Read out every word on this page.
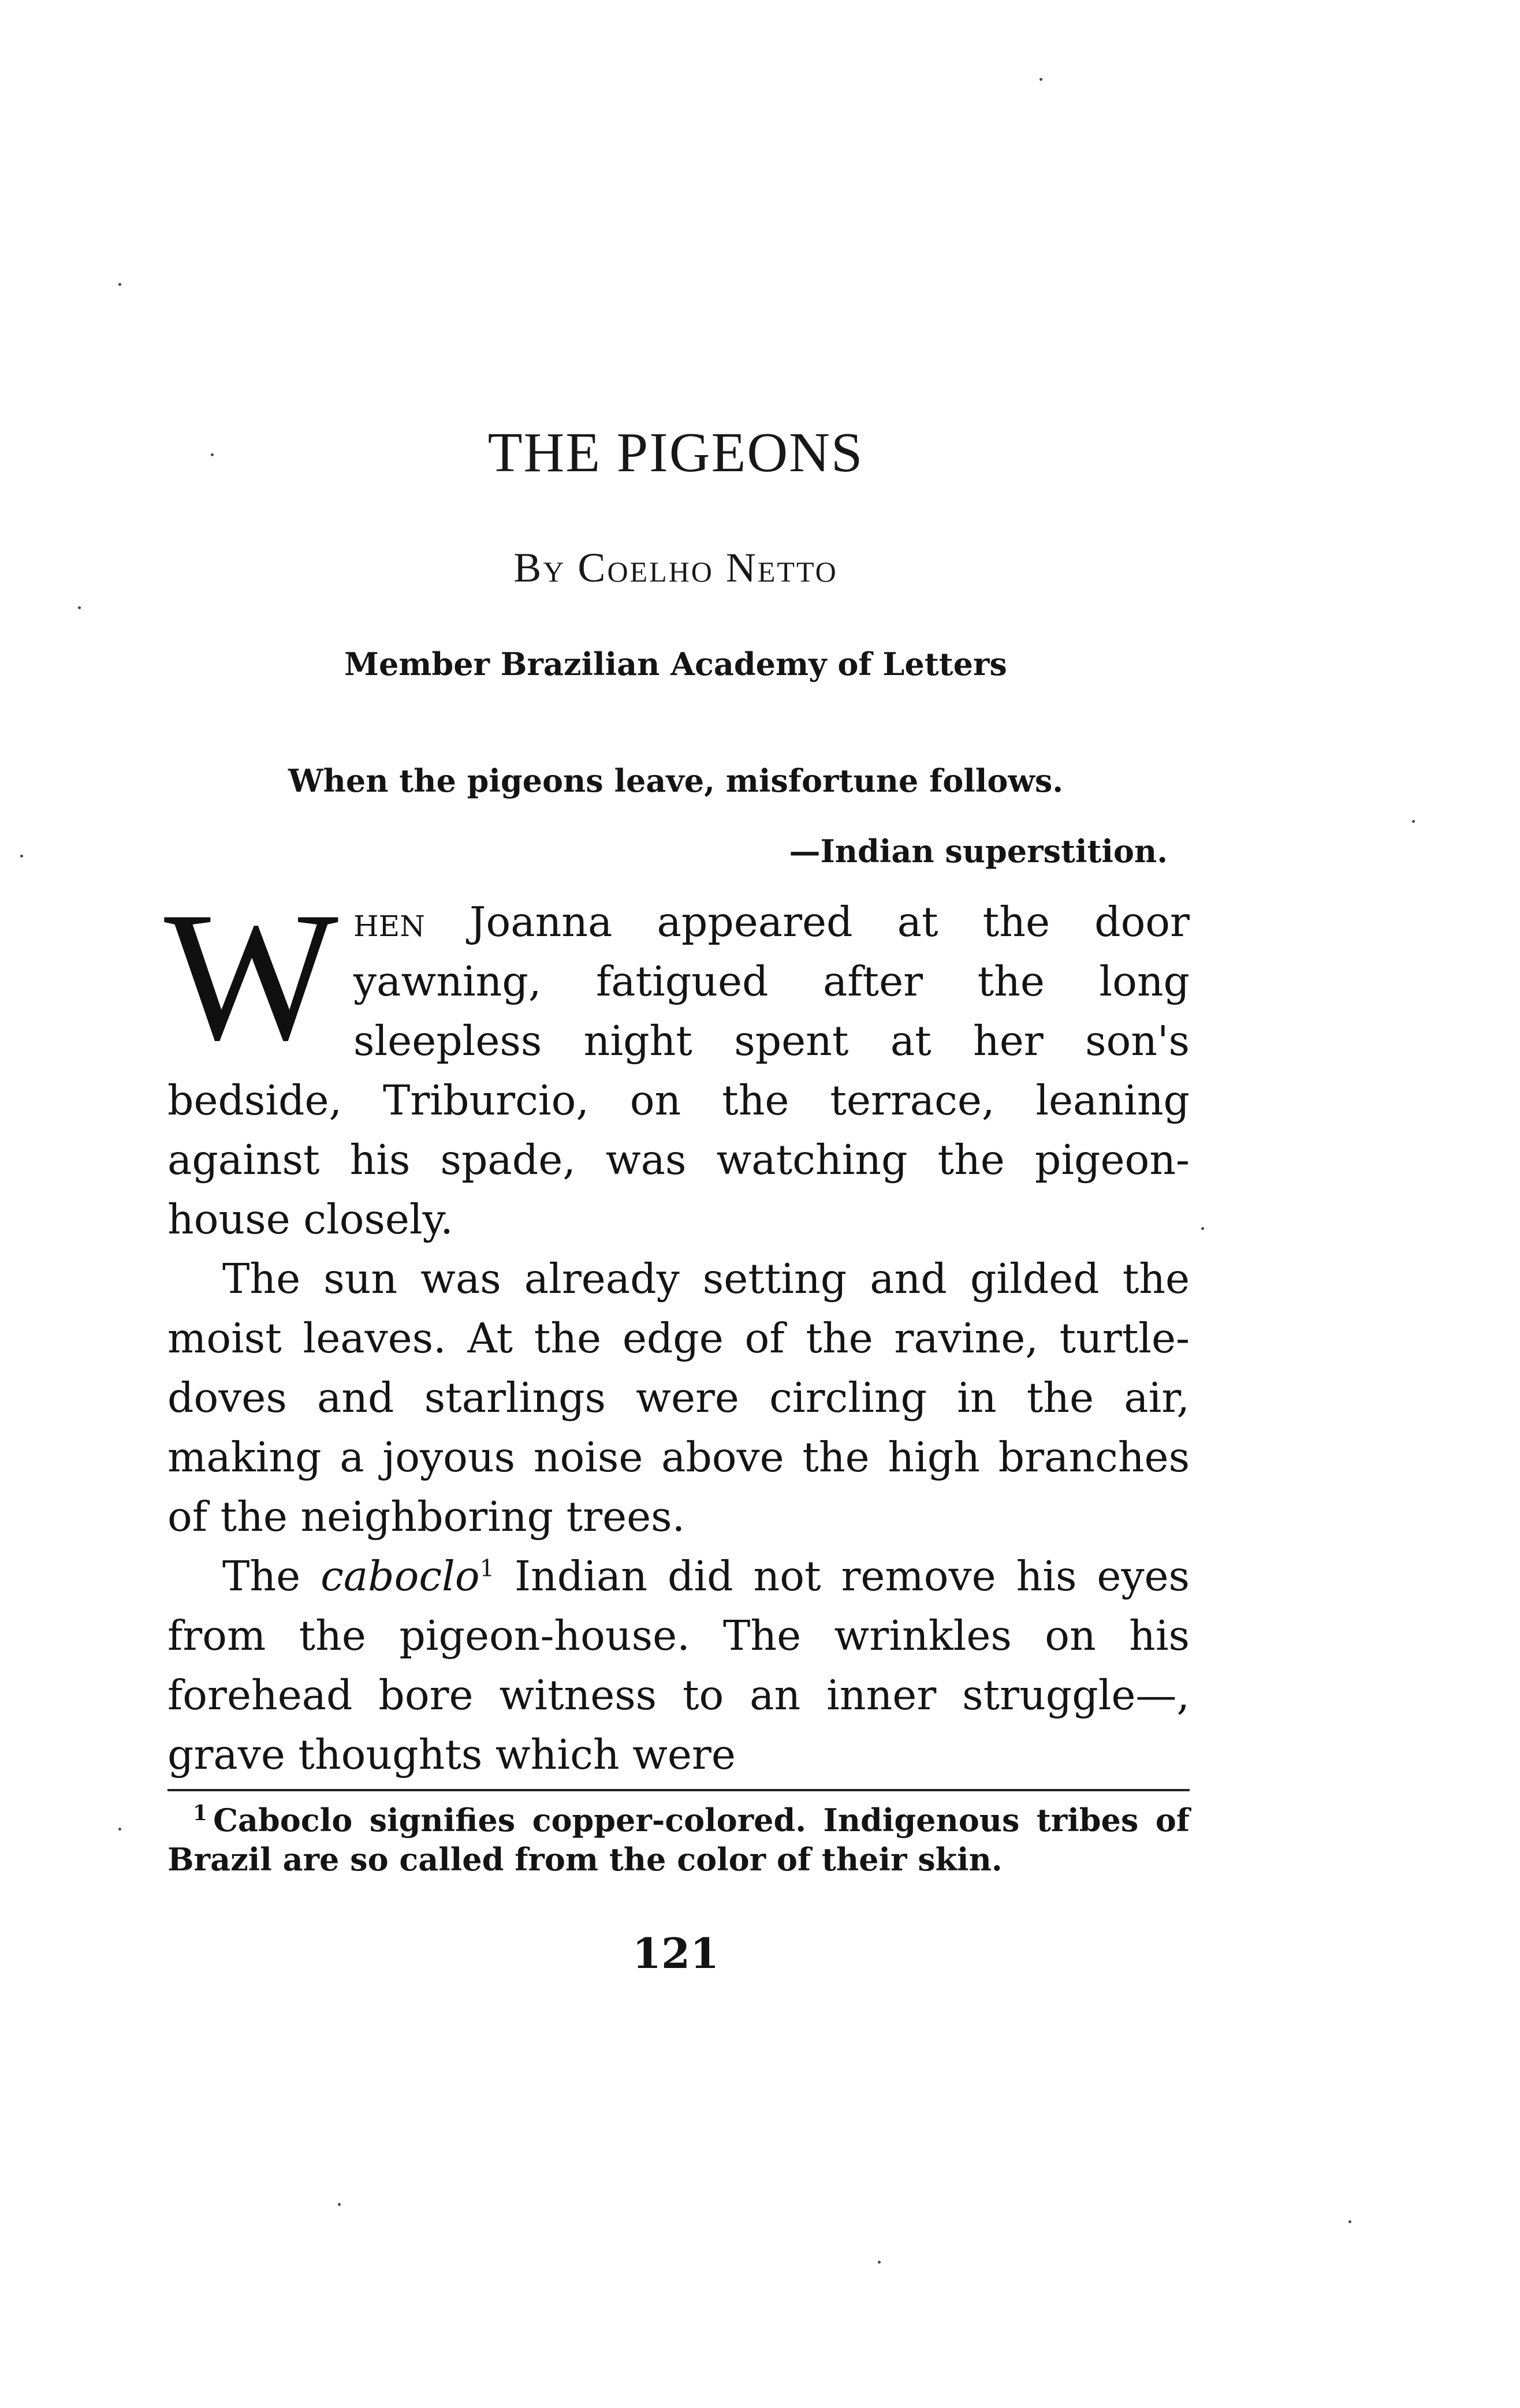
THE PIGEONS
By Coelho Netto
Member Brazilian Academy of Letters
When the pigeons leave, misfortune follows.
—Indian superstition.

When Joanna appeared at the door yawning, fatigued after the long sleepless night spent at her son's bedside, Triburcio, on the terrace, leaning against his spade, was watching the pigeon-house closely.

The sun was already setting and gilded the moist leaves. At the edge of the ravine, turtle-doves and starlings were circling in the air, making a joyous noise above the high branches of the neighboring trees.

The caboclo$^1$ Indian did not remove his eyes from the pigeon-house. The wrinkles on his forehead bore witness to an inner struggle—, grave thoughts which were

$^1$ Caboclo signifies copper-colored. Indigenous tribes of Brazil are so called from the color of their skin.
121
